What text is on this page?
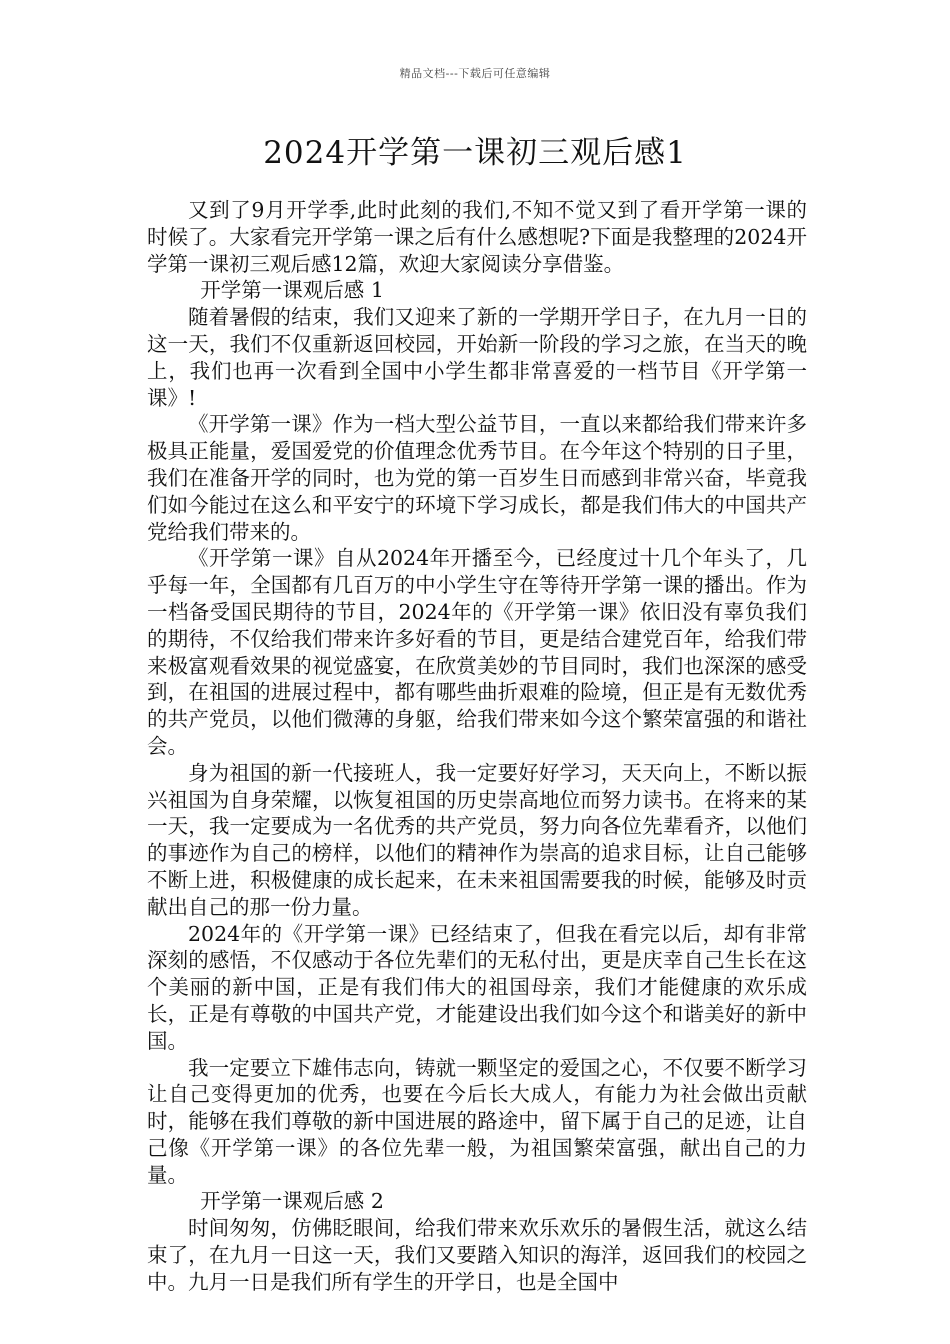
精品文档---下载后可任意编辑
2024开学第一课初三观后感1

又到了9月开学季,此时此刻的我们,不知不觉又到了看开学第一课的时候了。大家看完开学第一课之后有什么感想呢?下面是我整理的2024开学第一课初三观后感12篇，欢迎大家阅读分享借鉴。

开学第一课观后感 1

随着暑假的结束，我们又迎来了新的一学期开学日子，在九月一日的这一天，我们不仅重新返回校园，开始新一阶段的学习之旅，在当天的晚上，我们也再一次看到全国中小学生都非常喜爱的一档节目《开学第一课》!

《开学第一课》作为一档大型公益节目，一直以来都给我们带来许多极具正能量，爱国爱党的价值理念优秀节目。在今年这个特别的日子里，我们在准备开学的同时，也为党的第一百岁生日而感到非常兴奋，毕竟我们如今能过在这么和平安宁的环境下学习成长，都是我们伟大的中国共产党给我们带来的。

《开学第一课》自从2024年开播至今，已经度过十几个年头了，几乎每一年，全国都有几百万的中小学生守在等待开学第一课的播出。作为一档备受国民期待的节目，2024年的《开学第一课》依旧没有辜负我们的期待，不仅给我们带来许多好看的节目，更是结合建党百年，给我们带来极富观看效果的视觉盛宴，在欣赏美妙的节目同时，我们也深深的感受到，在祖国的进展过程中，都有哪些曲折艰难的险境，但正是有无数优秀的共产党员，以他们微薄的身躯，给我们带来如今这个繁荣富强的和谐社会。

身为祖国的新一代接班人，我一定要好好学习，天天向上，不断以振兴祖国为自身荣耀，以恢复祖国的历史崇高地位而努力读书。在将来的某一天，我一定要成为一名优秀的共产党员，努力向各位先辈看齐，以他们的事迹作为自己的榜样，以他们的精神作为崇高的追求目标，让自己能够不断上进，积极健康的成长起来，在未来祖国需要我的时候，能够及时贡献出自己的那一份力量。

2024年的《开学第一课》已经结束了，但我在看完以后，却有非常深刻的感悟，不仅感动于各位先辈们的无私付出，更是庆幸自己生长在这个美丽的新中国，正是有我们伟大的祖国母亲，我们才能健康的欢乐成长，正是有尊敬的中国共产党，才能建设出我们如今这个和谐美好的新中国。

我一定要立下雄伟志向，铸就一颗坚定的爱国之心，不仅要不断学习让自己变得更加的优秀，也要在今后长大成人，有能力为社会做出贡献时，能够在我们尊敬的新中国进展的路途中，留下属于自己的足迹，让自己像《开学第一课》的各位先辈一般，为祖国繁荣富强，献出自己的力量。

开学第一课观后感 2

时间匆匆，仿佛眨眼间，给我们带来欢乐欢乐的暑假生活，就这么结束了，在九月一日这一天，我们又要踏入知识的海洋，返回我们的校园之中。九月一日是我们所有学生的开学日，也是全国中
